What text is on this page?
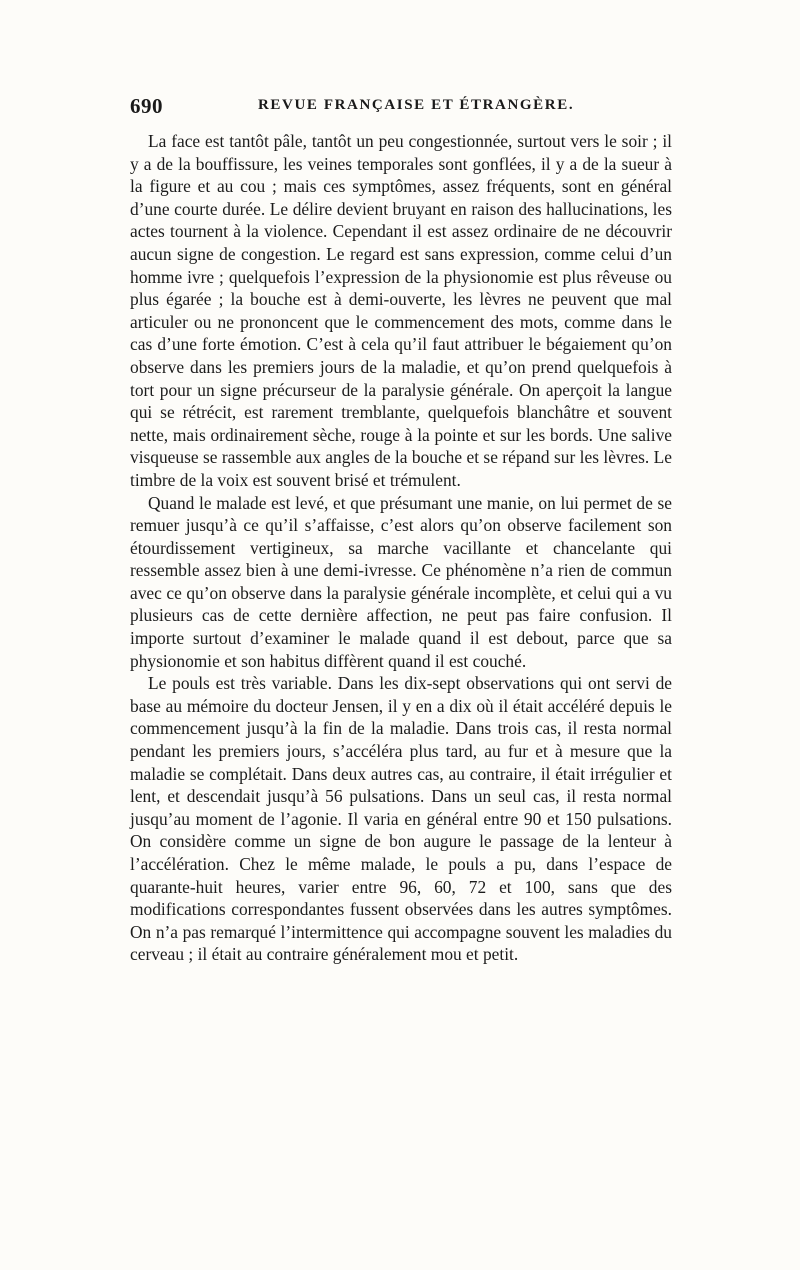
690	REVUE FRANÇAISE ET ÉTRANGÈRE.

La face est tantôt pâle, tantôt un peu congestionnée, surtout vers le soir ; il y a de la bouffissure, les veines temporales sont gonflées, il y a de la sueur à la figure et au cou ; mais ces symptômes, assez fréquents, sont en général d’une courte durée. Le délire devient bruyant en raison des hallucinations, les actes tournent à la violence. Cependant il est assez ordinaire de ne découvrir aucun signe de congestion. Le regard est sans expression, comme celui d’un homme ivre ; quelquefois l’expression de la physionomie est plus rêveuse ou plus égarée ; la bouche est à demi-ouverte, les lèvres ne peuvent que mal articuler ou ne prononcent que le commencement des mots, comme dans le cas d’une forte émotion. C’est à cela qu’il faut attribuer le bégaiement qu’on observe dans les premiers jours de la maladie, et qu’on prend quelquefois à tort pour un signe précurseur de la paralysie générale. On aperçoit la langue qui se rétrécit, est rarement tremblante, quelquefois blanchâtre et souvent nette, mais ordinairement sèche, rouge à la pointe et sur les bords. Une salive visqueuse se rassemble aux angles de la bouche et se répand sur les lèvres. Le timbre de la voix est souvent brisé et trémulent.

Quand le malade est levé, et que présumant une manie, on lui permet de se remuer jusqu’à ce qu’il s’affaisse, c’est alors qu’on observe facilement son étourdissement vertigineux, sa marche vacillante et chancelante qui ressemble assez bien à une demi-ivresse. Ce phénomène n’a rien de commun avec ce qu’on observe dans la paralysie générale incomplète, et celui qui a vu plusieurs cas de cette dernière affection, ne peut pas faire confusion. Il importe surtout d’examiner le malade quand il est debout, parce que sa physionomie et son habitus diffèrent quand il est couché.

Le pouls est très variable. Dans les dix-sept observations qui ont servi de base au mémoire du docteur Jensen, il y en a dix où il était accéléré depuis le commencement jusqu’à la fin de la maladie. Dans trois cas, il resta normal pendant les premiers jours, s’accéléra plus tard, au fur et à mesure que la maladie se complétait. Dans deux autres cas, au contraire, il était irrégulier et lent, et descendait jusqu’à 56 pulsations. Dans un seul cas, il resta normal jusqu’au moment de l’agonie. Il varia en général entre 90 et 150 pulsations. On considère comme un signe de bon augure le passage de la lenteur à l’accélération. Chez le même malade, le pouls a pu, dans l’espace de quarante-huit heures, varier entre 96, 60, 72 et 100, sans que des modifications correspondantes fussent observées dans les autres symptômes. On n’a pas remarqué l’intermittence qui accompagne souvent les maladies du cerveau ; il était au contraire généralement mou et petit.
